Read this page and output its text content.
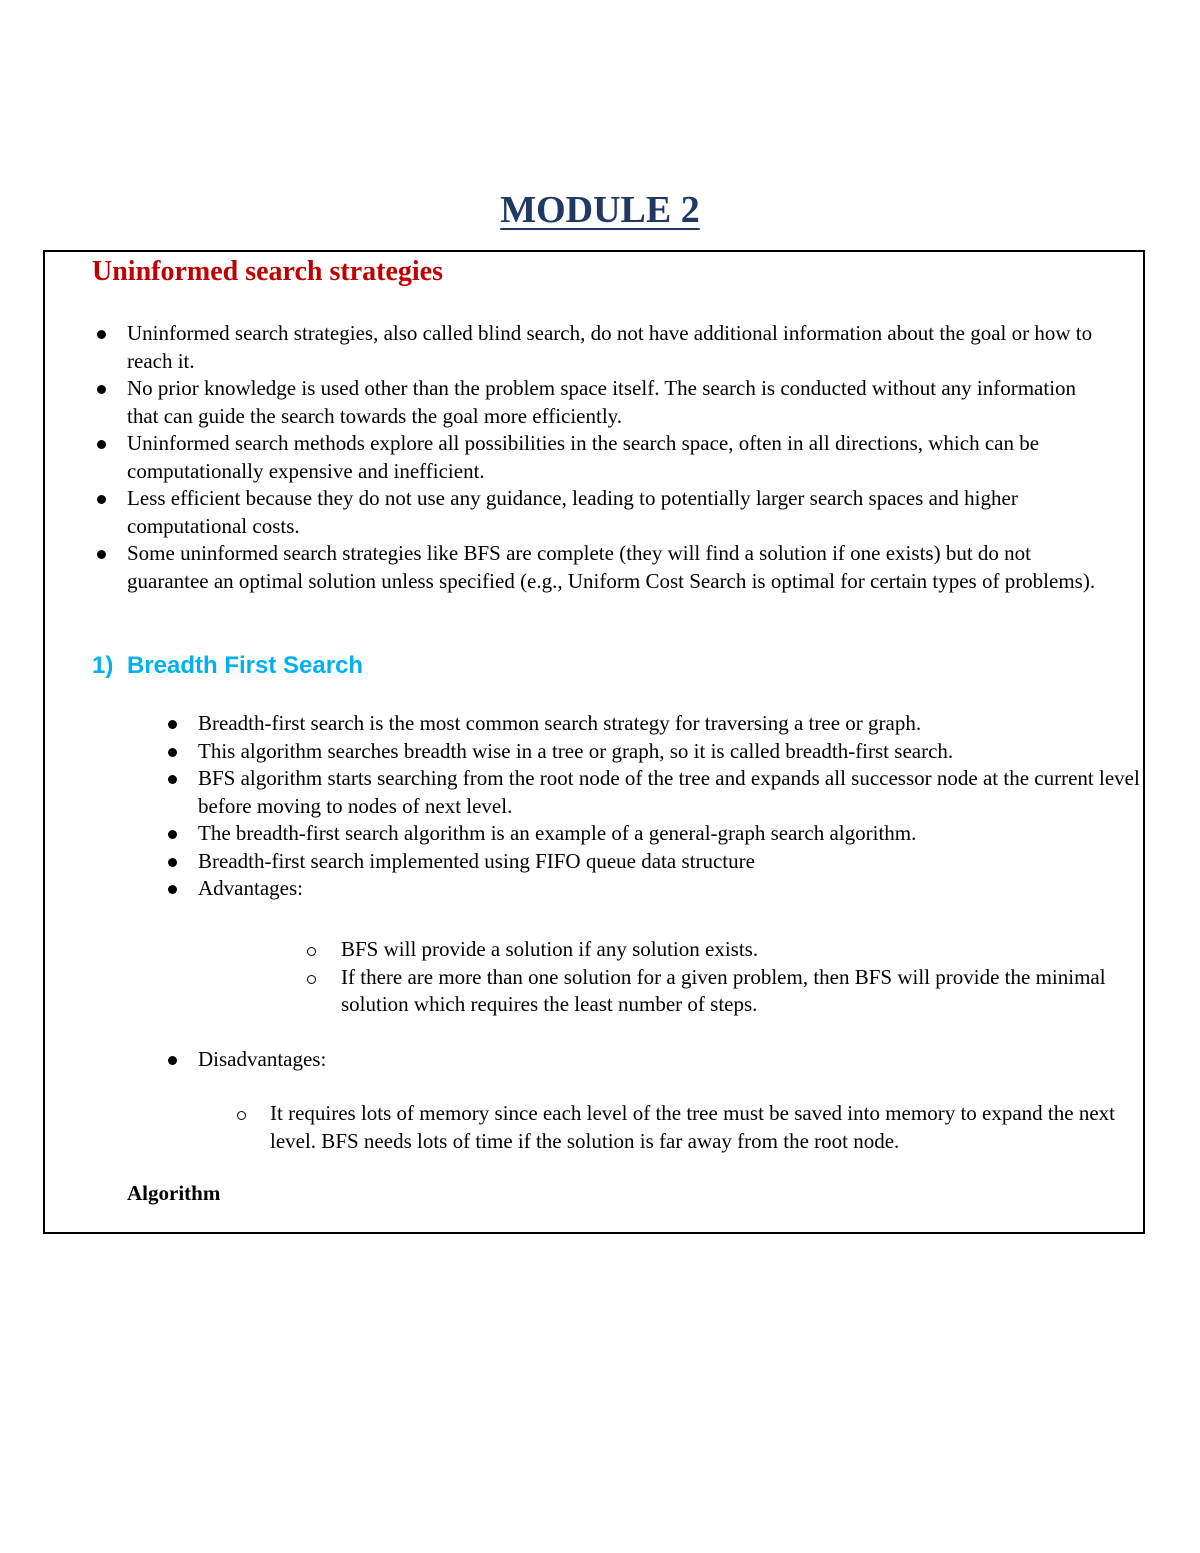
MODULE 2
Uninformed search strategies
Uninformed search strategies, also called blind search, do not have additional information about the goal or how to reach it.
No prior knowledge is used other than the problem space itself. The search is conducted without any information that can guide the search towards the goal more efficiently.
Uninformed search methods explore all possibilities in the search space, often in all directions, which can be computationally expensive and inefficient.
Less efficient because they do not use any guidance, leading to potentially larger search spaces and higher computational costs.
Some uninformed search strategies like BFS are complete (they will find a solution if one exists) but do not guarantee an optimal solution unless specified (e.g., Uniform Cost Search is optimal for certain types of problems).
1) Breadth First Search
Breadth-first search is the most common search strategy for traversing a tree or graph.
This algorithm searches breadth wise in a tree or graph, so it is called breadth-first search.
BFS algorithm starts searching from the root node of the tree and expands all successor node at the current level before moving to nodes of next level.
The breadth-first search algorithm is an example of a general-graph search algorithm.
Breadth-first search implemented using FIFO queue data structure
Advantages:
BFS will provide a solution if any solution exists.
If there are more than one solution for a given problem, then BFS will provide the minimal solution which requires the least number of steps.
Disadvantages:
It requires lots of memory since each level of the tree must be saved into memory to expand the next level. BFS needs lots of time if the solution is far away from the root node.

Algorithm
